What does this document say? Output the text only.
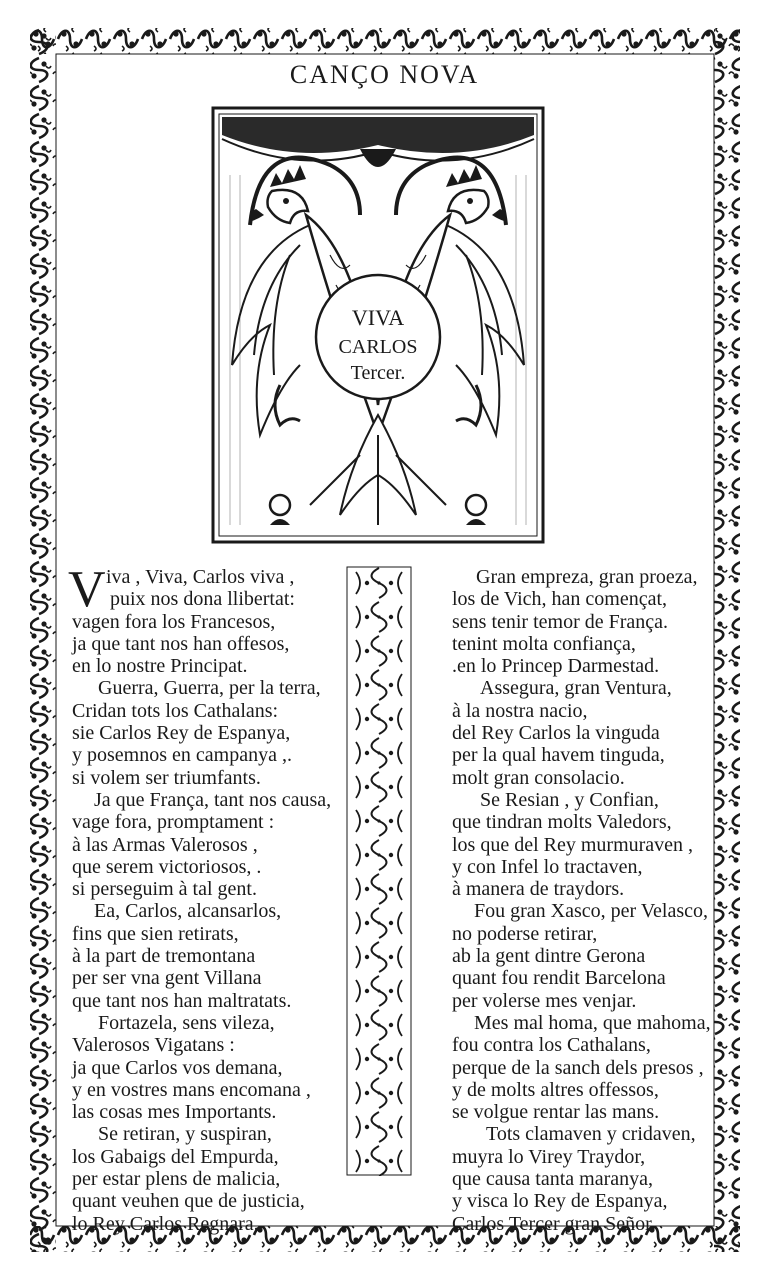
CANÇO NOVA
VIVA
CARLOS
Tercer.
V iva , Viva, Carlos viva ,
puix nos dona llibertat:
vagen fora los Francesos,
ja que tant nos han offesos,
en lo nostre Principat.
Guerra, Guerra, per la terra,
Cridan tots los Cathalans:
sie Carlos Rey de Espanya,
y posemnos en campanya ,.
si volem ser triumfants.
Ja que França, tant nos causa,
vage fora, promptament :
à las Armas Valerosos ,
que serem victoriosos, .
si perseguim à tal gent.
Ea, Carlos, alcansarlos,
fins que sien retirats,
à la part de tremontana
per ser vna gent Villana
que tant nos han maltratats.
Fortazela, sens vileza,
Valerosos Vigatans :
ja que Carlos vos demana,
y en vostres mans encomana ,
las cosas mes Importants.
Se retiran, y suspiran,
los Gabaigs del Empurda,
per estar plens de malicia,
quant veuhen que de justicia,
lo Rey Carlos Regnara.
Gran empreza, gran proeza,
los de Vich, han començat,
sens tenir temor de França.
tenint molta confiança,
.en lo Princep Darmestad.
Assegura, gran Ventura,
à la nostra nacio,
del Rey Carlos la vinguda
per la qual havem tinguda,
molt gran consolacio.
Se Resian , y Confian,
que tindran molts Valedors,
los que del Rey murmuraven ,
y con Infel lo tractaven,
à manera de traydors.
Fou gran Xasco, per Velasco,
no poderse retirar,
ab la gent dintre Gerona
quant fou rendit Barcelona
per volerse mes venjar.
Mes mal homa, que mahoma,
fou contra los Cathalans,
perque de la sanch dels presos ,
y de molts altres offessos,
se volgue rentar las mans.
Tots clamaven y cridaven,
muyra lo Virey Traydor,
que causa tanta maranya,
y visca lo Rey de Espanya,
Carlos Tercer gran Señor.
